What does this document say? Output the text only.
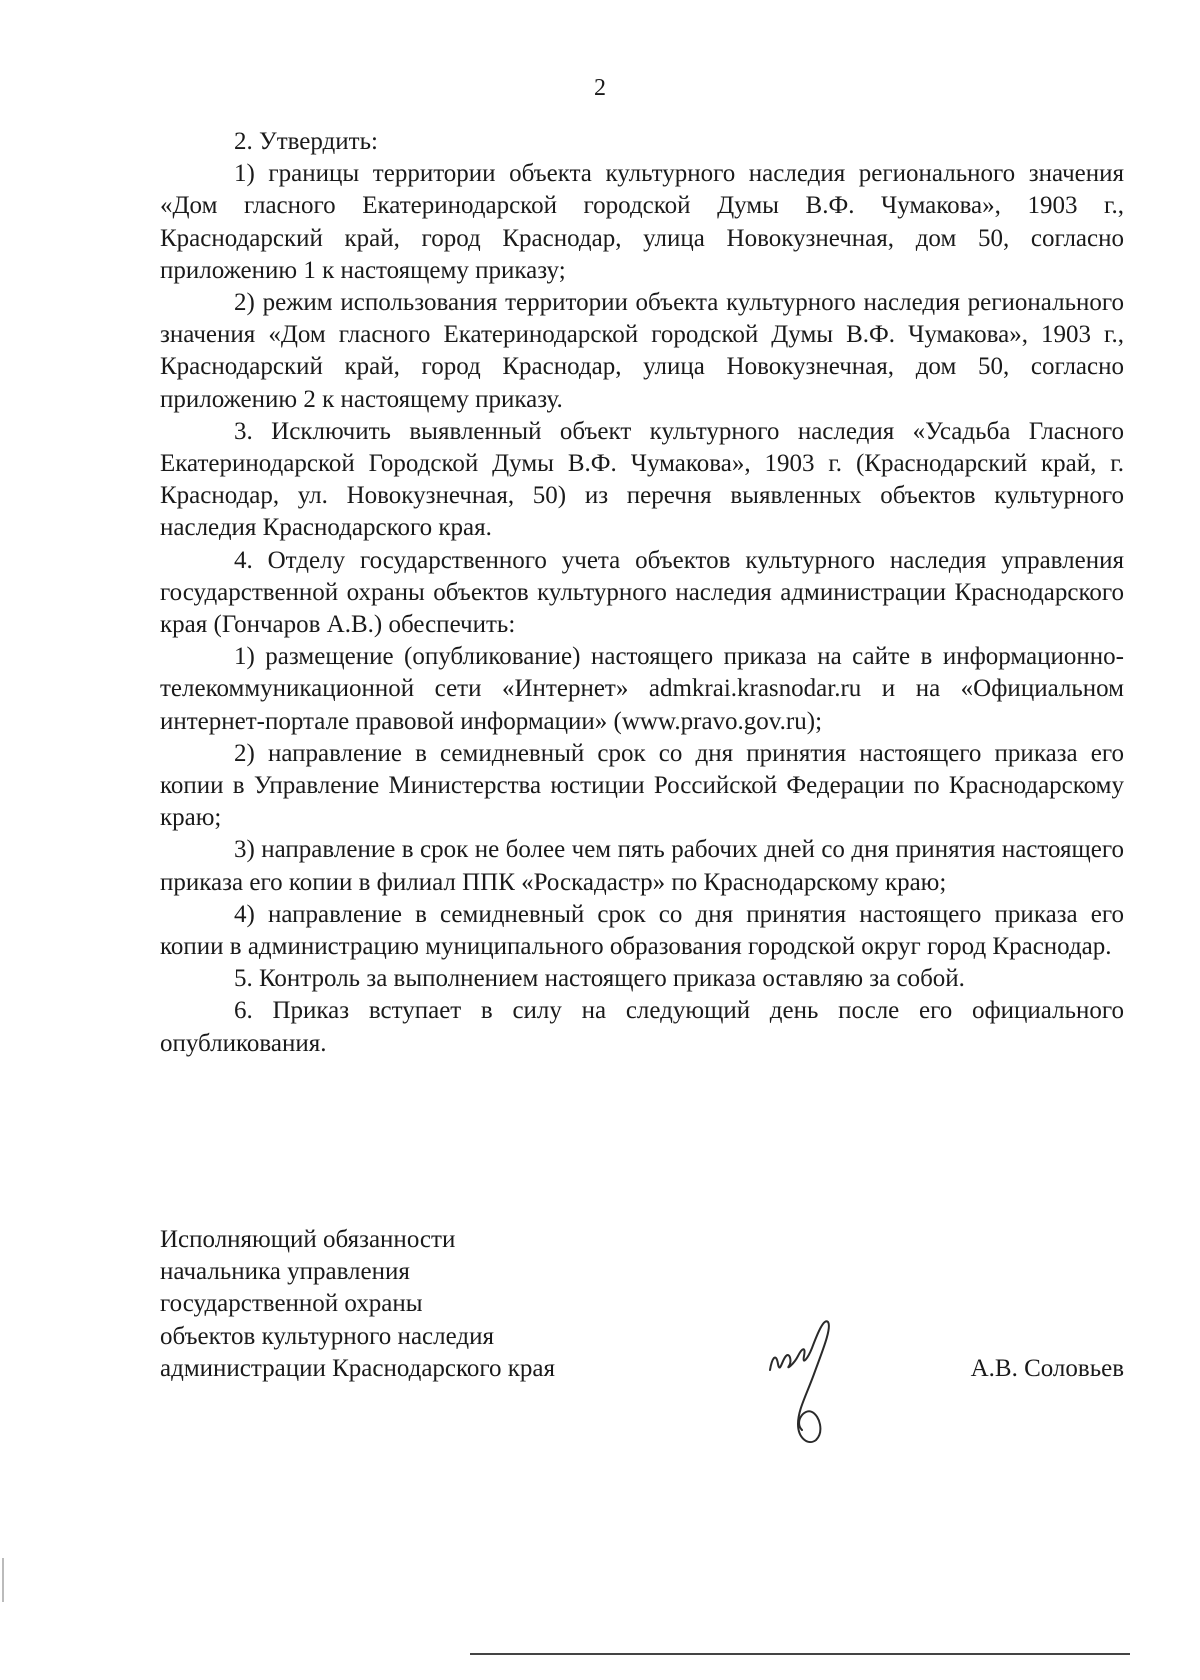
2

2. Утвердить:

1) границы территории объекта культурного наследия регионального значения «Дом гласного Екатеринодарской городской Думы В.Ф. Чумакова», 1903 г., Краснодарский край, город Краснодар, улица Новокузнечная, дом 50, согласно приложению 1 к настоящему приказу;

2) режим использования территории объекта культурного наследия регионального значения «Дом гласного Екатеринодарской городской Думы В.Ф. Чумакова», 1903 г., Краснодарский край, город Краснодар, улица Новокузнечная, дом 50, согласно приложению 2 к настоящему приказу.

3. Исключить выявленный объект культурного наследия «Усадьба Гласного Екатеринодарской Городской Думы В.Ф. Чумакова», 1903 г. (Краснодарский край, г. Краснодар, ул. Новокузнечная, 50) из перечня выявленных объектов культурного наследия Краснодарского края.

4. Отделу государственного учета объектов культурного наследия управления государственной охраны объектов культурного наследия администрации Краснодарского края (Гончаров А.В.) обеспечить:

1) размещение (опубликование) настоящего приказа на сайте в информационно-телекоммуникационной сети «Интернет» admkrai.krasnodar.ru и на «Официальном интернет-портале правовой информации» (www.pravo.gov.ru);

2) направление в семидневный срок со дня принятия настоящего приказа его копии в Управление Министерства юстиции Российской Федерации по Краснодарскому краю;

3) направление в срок не более чем пять рабочих дней со дня принятия настоящего приказа его копии в филиал ППК «Роскадастр» по Краснодарскому краю;

4) направление в семидневный срок со дня принятия настоящего приказа его копии в администрацию муниципального образования городской округ город Краснодар.

5. Контроль за выполнением настоящего приказа оставляю за собой.

6. Приказ вступает в силу на следующий день после его официального опубликования.

Исполняющий обязанности
начальника управления
государственной охраны
объектов культурного наследия
администрации Краснодарского края	А.В. Соловьев
